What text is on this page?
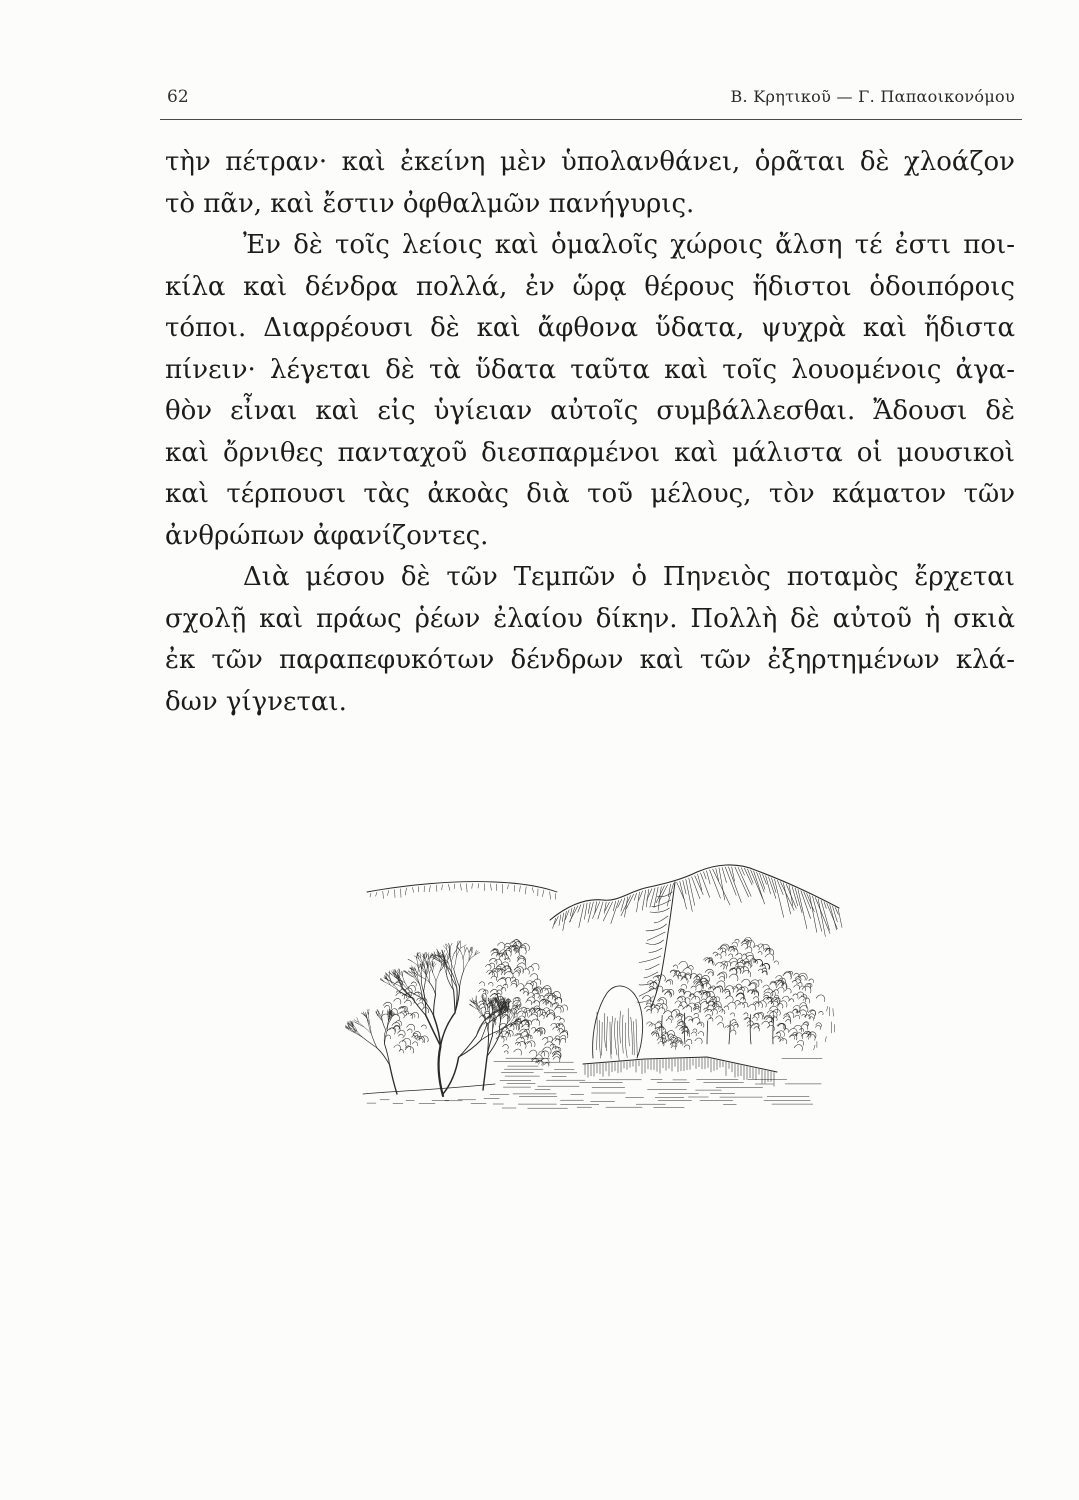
62	Β. Κρητικοῦ — Γ. Παπαοικονόμου
τὴν πέτραν· καὶ ἐκείνη μὲν ὑπολανθάνει, ὁρᾶται δὲ χλοάζον
τὸ πᾶν, καὶ ἔστιν ὀφθαλμῶν πανήγυρις.
Ἐν δὲ τοῖς λείοις καὶ ὁμαλοῖς χώροις ἄλση τέ ἐστι ποι-
κίλα καὶ δένδρα πολλά, ἐν ὥρᾳ θέρους ἥδιστοι ὁδοιπόροις
τόποι. Διαρρέουσι δὲ καὶ ἄφθονα ὕδατα, ψυχρὰ καὶ ἥδιστα
πίνειν· λέγεται δὲ τὰ ὕδατα ταῦτα καὶ τοῖς λουομένοις ἀγα-
θὸν εἶναι καὶ εἰς ὑγίειαν αὐτοῖς συμβάλλεσθαι. Ἄδουσι δὲ
καὶ ὄρνιθες πανταχοῦ διεσπαρμένοι καὶ μάλιστα οἱ μουσικοὶ
καὶ τέρπουσι τὰς ἀκοὰς διὰ τοῦ μέλους, τὸν κάματον τῶν
ἀνθρώπων ἀφανίζοντες.
Διὰ μέσου δὲ τῶν Τεμπῶν ὁ Πηνειὸς ποταμὸς ἔρχεται
σχολῇ καὶ πράως ῥέων ἐλαίου δίκην. Πολλὴ δὲ αὐτοῦ ἡ σκιὰ
ἐκ τῶν παραπεφυκότων δένδρων καὶ τῶν ἐξηρτημένων κλά-
δων γίγνεται.
